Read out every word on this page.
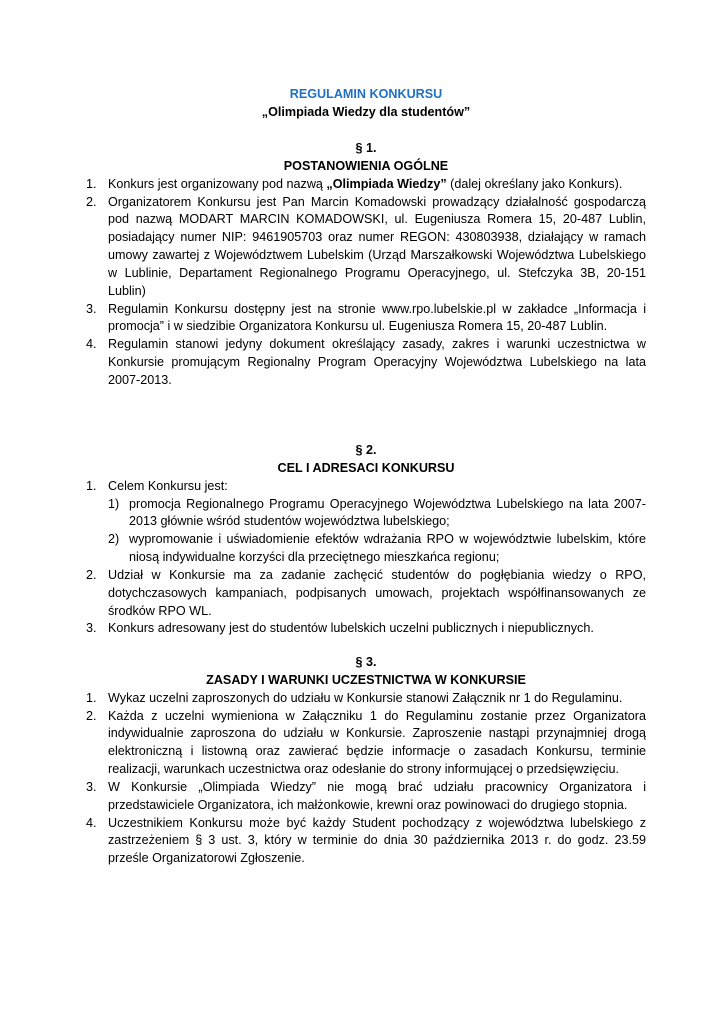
REGULAMIN KONKURSU
„Olimpiada Wiedzy dla studentów”
§ 1.
POSTANOWIENIA OGÓLNE
1. Konkurs jest organizowany pod nazwą „Olimpiada Wiedzy” (dalej określany jako Konkurs).
2. Organizatorem Konkursu jest Pan Marcin Komadowski prowadzący działalność gospodarczą pod nazwą MODART MARCIN KOMADOWSKI, ul. Eugeniusza Romera 15, 20-487 Lublin, posiadający numer NIP: 9461905703 oraz numer REGON: 430803938, działający w ramach umowy zawartej z Województwem Lubelskim (Urząd Marszałkowski Województwa Lubelskiego w Lublinie, Departament Regionalnego Programu Operacyjnego, ul. Stefczyka 3B, 20-151 Lublin)
3. Regulamin Konkursu dostępny jest na stronie www.rpo.lubelskie.pl w zakładce „Informacja i promocja” i w siedzibie Organizatora Konkursu ul. Eugeniusza Romera 15, 20-487 Lublin.
4. Regulamin stanowi jedyny dokument określający zasady, zakres i warunki uczestnictwa w Konkursie promującym Regionalny Program Operacyjny Województwa Lubelskiego na lata 2007-2013.
§ 2.
CEL I ADRESACI KONKURSU
1. Celem Konkursu jest:
1) promocja Regionalnego Programu Operacyjnego Województwa Lubelskiego na lata 2007-2013 głównie wśród studentów województwa lubelskiego;
2) wypromowanie i uświadomienie efektów wdrażania RPO w województwie lubelskim, które niosą indywidualne korzyści dla przeciętnego mieszkańca regionu;
2. Udział w Konkursie ma za zadanie zachęcić studentów do pogłębiania wiedzy o RPO, dotychczasowych kampaniach, podpisanych umowach, projektach współfinansowanych ze środków RPO WL.
3. Konkurs adresowany jest do studentów lubelskich uczelni publicznych i niepublicznych.
§ 3.
ZASADY I WARUNKI UCZESTNICTWA W KONKURSIE
1. Wykaz uczelni zaproszonych do udziału w Konkursie stanowi Załącznik nr 1 do Regulaminu.
2. Każda z uczelni wymieniona w Załączniku 1 do Regulaminu zostanie przez Organizatora indywidualnie zaproszona do udziału w Konkursie. Zaproszenie nastąpi przynajmniej drogą elektroniczną i listowną oraz zawierać będzie informacje o zasadach Konkursu, terminie realizacji, warunkach uczestnictwa oraz odesłanie do strony informującej o przedsięwzięciu.
3. W Konkursie „Olimpiada Wiedzy” nie mogą brać udziału pracownicy Organizatora i przedstawiciele Organizatora, ich małżonkowie, krewni oraz powinowaci do drugiego stopnia.
4. Uczestnikiem Konkursu może być każdy Student pochodzący z województwa lubelskiego z zastrzeżeniem § 3 ust. 3, który w terminie do dnia 30 października 2013 r. do godz. 23.59 prześle Organizatorowi Zgłoszenie.
